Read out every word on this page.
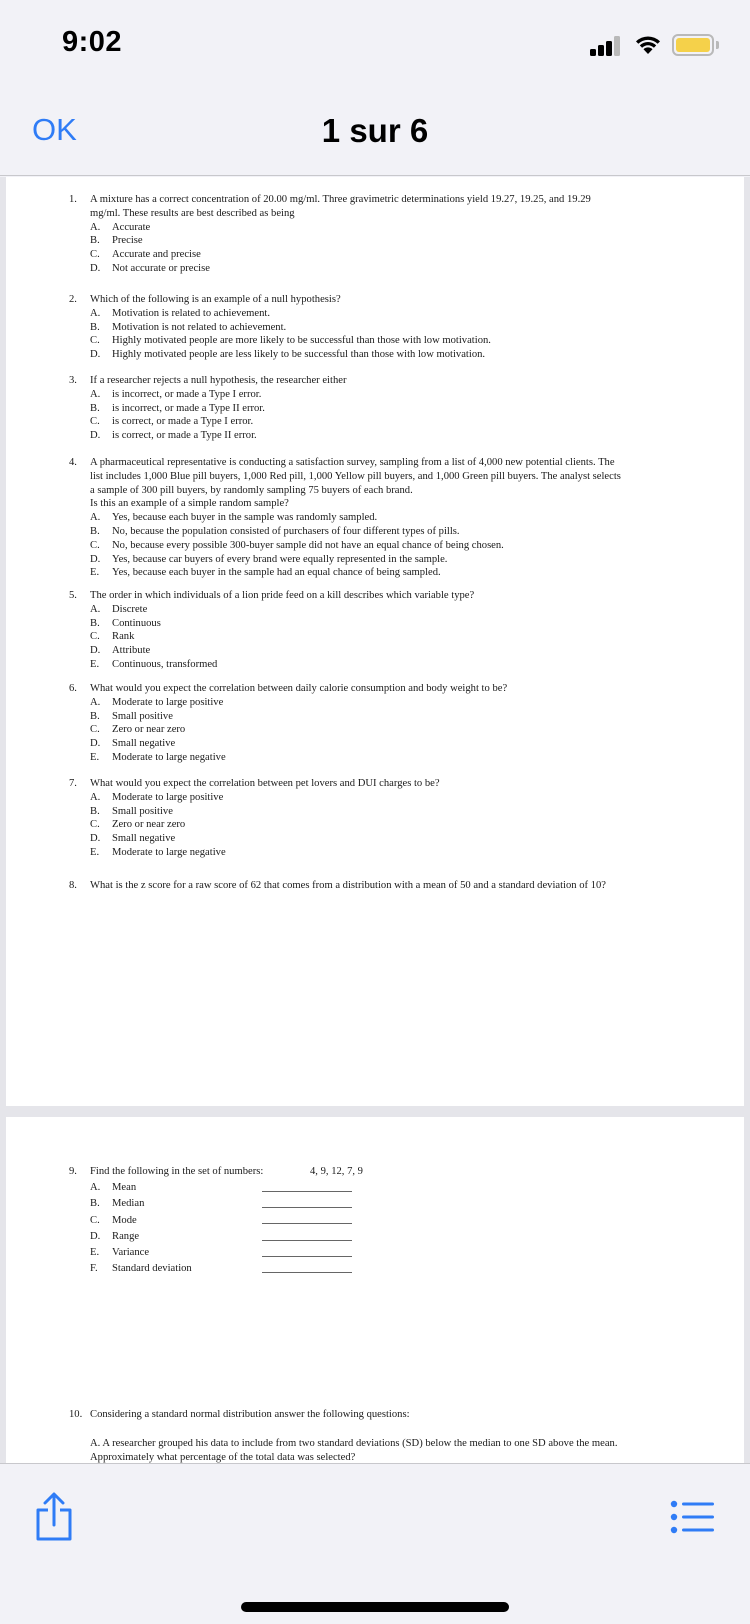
9:02
OK	1 sur 6
1.	A mixture has a correct concentration of 20.00 mg/ml. Three gravimetric determinations yield 19.27, 19.25, and 19.29
mg/ml. These results are best described as being
A.	Accurate
B.	Precise
C.	Accurate and precise
D.	Not accurate or precise
2.	Which of the following is an example of a null hypothesis?
A.	Motivation is related to achievement.
B.	Motivation is not related to achievement.
C.	Highly motivated people are more likely to be successful than those with low motivation.
D.	Highly motivated people are less likely to be successful than those with low motivation.
3.	If a researcher rejects a null hypothesis, the researcher either
A.	is incorrect, or made a Type I error.
B.	is incorrect, or made a Type II error.
C.	is correct, or made a Type I error.
D.	is correct, or made a Type II error.
4.	A pharmaceutical representative is conducting a satisfaction survey, sampling from a list of 4,000 new potential clients. The
list includes 1,000 Blue pill buyers, 1,000 Red pill, 1,000 Yellow pill buyers, and 1,000 Green pill buyers. The analyst selects
a sample of 300 pill buyers, by randomly sampling 75 buyers of each brand.
Is this an example of a simple random sample?
A.	Yes, because each buyer in the sample was randomly sampled.
B.	No, because the population consisted of purchasers of four different types of pills.
C.	No, because every possible 300-buyer sample did not have an equal chance of being chosen.
D.	Yes, because car buyers of every brand were equally represented in the sample.
E.	Yes, because each buyer in the sample had an equal chance of being sampled.
5.	The order in which individuals of a lion pride feed on a kill describes which variable type?
A.	Discrete
B.	Continuous
C.	Rank
D.	Attribute
E.	Continuous, transformed
6.	What would you expect the correlation between daily calorie consumption and body weight to be?
A.	Moderate to large positive
B.	Small positive
C.	Zero or near zero
D.	Small negative
E.	Moderate to large negative
7.	What would you expect the correlation between pet lovers and DUI charges to be?
A.	Moderate to large positive
B.	Small positive
C.	Zero or near zero
D.	Small negative
E.	Moderate to large negative
8.	What is the z score for a raw score of 62 that comes from a distribution with a mean of 50 and a standard deviation of 10?
9.	Find the following in the set of numbers:	4, 9, 12, 7, 9
A.	Mean
B.	Median
C.	Mode
D.	Range
E.	Variance
F.	Standard deviation
10. Considering a standard normal distribution answer the following questions:
A. A researcher grouped his data to include from two standard deviations (SD) below the median to one SD above the mean.
Approximately what percentage of the total data was selected?
